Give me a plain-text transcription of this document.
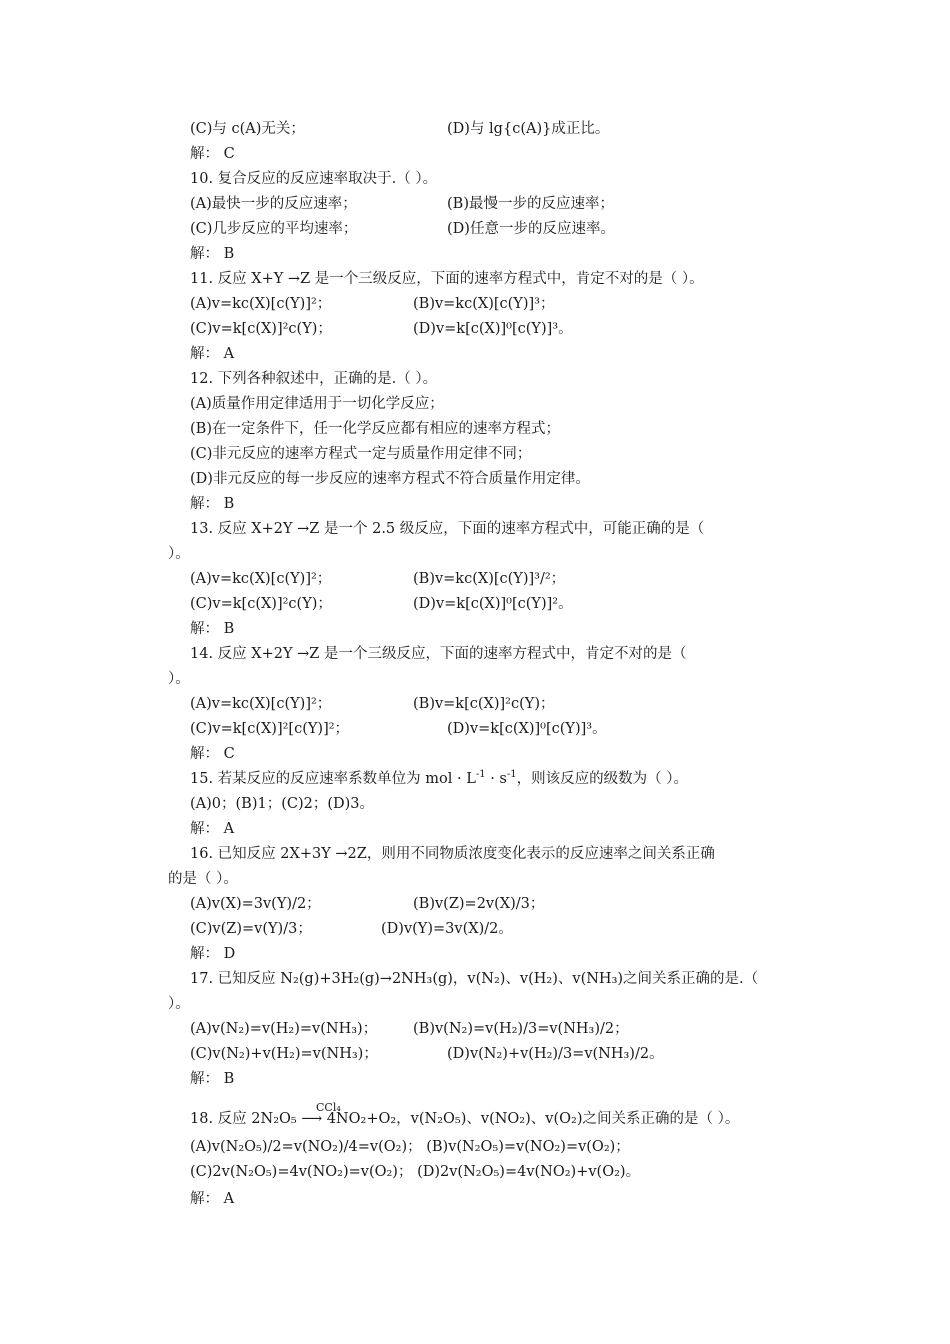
(C)与 c(A)无关；	(D)与 lg{c(A)}成正比。
解： C
10. 复合反应的反应速率取决于.（ ）。
(A)最快一步的反应速率；	(B)最慢一步的反应速率；
(C)几步反应的平均速率；	(D)任意一步的反应速率。
解： B
11. 反应 X+Y →Z 是一个三级反应，下面的速率方程式中，肯定不对的是（ ）。
(A)v=kc(X)[c(Y)]²；	(B)v=kc(X)[c(Y)]³；
(C)v=k[c(X)]²c(Y)；	(D)v=k[c(X)]⁰[c(Y)]³。
解： A
12. 下列各种叙述中，正确的是.（ ）。
(A)质量作用定律适用于一切化学反应；
(B)在一定条件下，任一化学反应都有相应的速率方程式；
(C)非元反应的速率方程式一定与质量作用定律不同；
(D)非元反应的每一步反应的速率方程式不符合质量作用定律。
解： B
13. 反应 X+2Y →Z 是一个 2.5 级反应，下面的速率方程式中，可能正确的是（
）。
(A)v=kc(X)[c(Y)]²；	(B)v=kc(X)[c(Y)]³/²；
(C)v=k[c(X)]²c(Y)；	(D)v=k[c(X)]⁰[c(Y)]²。
解： B
14. 反应 X+2Y →Z 是一个三级反应，下面的速率方程式中，肯定不对的是（
）。
(A)v=kc(X)[c(Y)]²；	(B)v=k[c(X)]²c(Y)；
(C)v=k[c(X)]²[c(Y)]²；	(D)v=k[c(X)]⁰[c(Y)]³。
解： C
15. 若某反应的反应速率系数单位为 mol · $L^{-1} \cdot s^{-1}$，则该反应的级数为（ ）。
(A)0；(B)1；(C)2；(D)3。
解： A
16. 已知反应 2X+3Y →2Z，则用不同物质浓度变化表示的反应速率之间关系正确
的是（ ）。
(A)v(X)=3v(Y)/2；	(B)v(Z)=2v(X)/3；
(C)v(Z)=v(Y)/3；	(D)v(Y)=3v(X)/2。
解： D
17. 已知反应 N₂(g)+3H₂(g)→2NH₃(g)，v(N₂)、v(H₂)、v(NH₃)之间关系正确的是.（
）。
(A)v(N₂)=v(H₂)=v(NH₃)； (B)v(N₂)=v(H₂)/3=v(NH₃)/2；
(C)v(N₂)+v(H₂)=v(NH₃)；	(D)v(N₂)+v(H₂)/3=v(NH₃)/2。
解： B
CCl₄
18. 反应 2N₂O₅ ⟶ 4NO₂+O₂，v(N₂O₅)、v(NO₂)、v(O₂)之间关系正确的是（ ）。
(A)v(N₂O₅)/2=v(NO₂)/4=v(O₂)； (B)v(N₂O₅)=v(NO₂)=v(O₂)；
(C)2v(N₂O₅)=4v(NO₂)=v(O₂)； (D)2v(N₂O₅)=4v(NO₂)+v(O₂)。
解： A
